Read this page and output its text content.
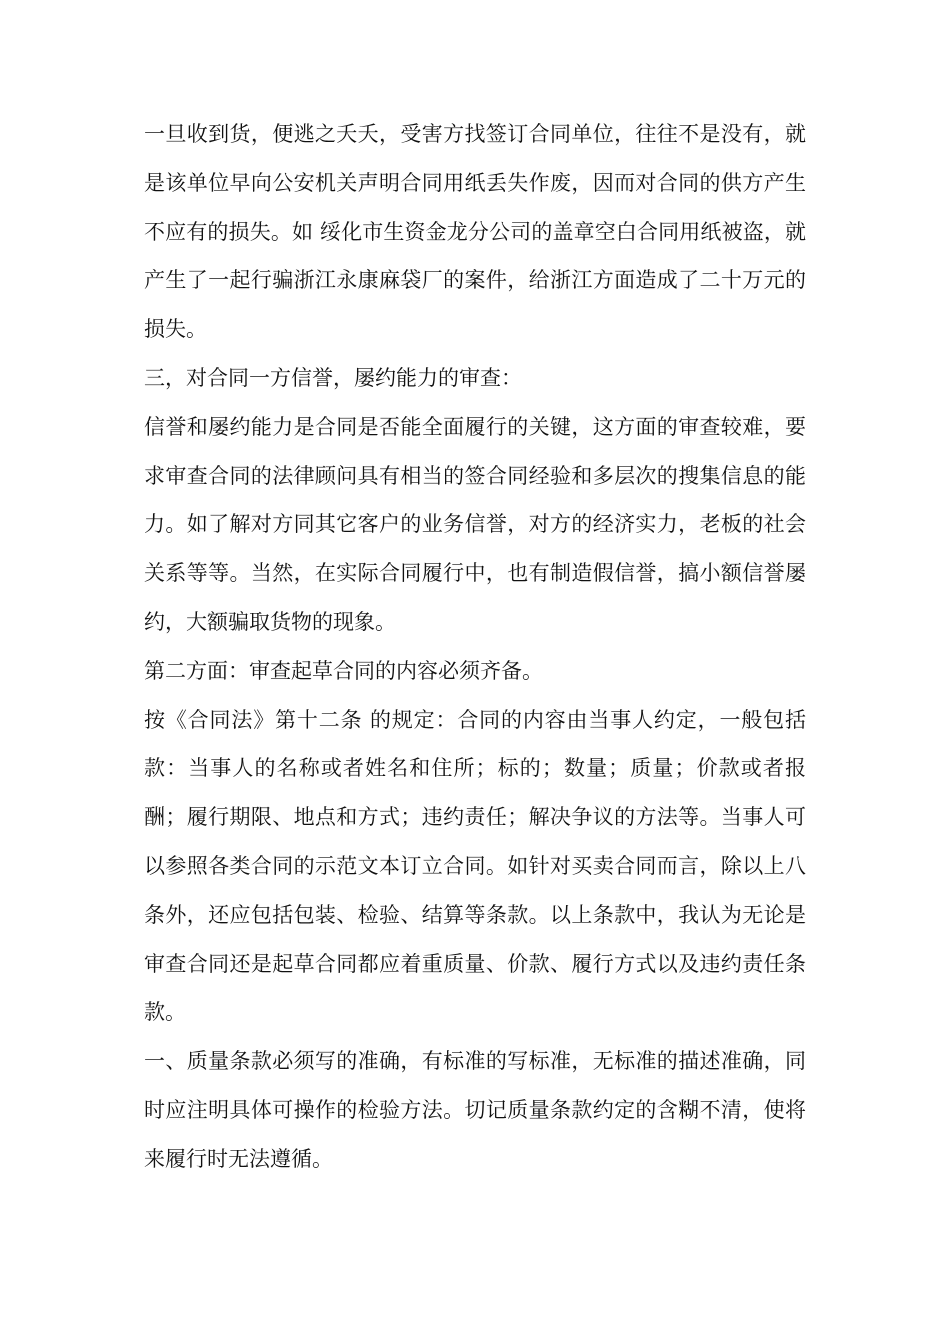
一旦收到货，便逃之夭夭，受害方找签订合同单位，往往不是没有，就是该单位早向公安机关声明合同用纸丢失作废，因而对合同的供方产生不应有的损失。如 绥化市生资金龙分公司的盖章空白合同用纸被盗，就产生了一起行骗浙江永康麻袋厂的案件，给浙江方面造成了二十万元的损失。

三，对合同一方信誉，屡约能力的审查：

信誉和屡约能力是合同是否能全面履行的关键，这方面的审查较难，要求审查合同的法律顾问具有相当的签合同经验和多层次的搜集信息的能力。如了解对方同其它客户的业务信誉，对方的经济实力，老板的社会关系等等。当然，在实际合同履行中，也有制造假信誉，搞小额信誉屡约，大额骗取货物的现象。

第二方面：审查起草合同的内容必须齐备。

按《合同法》第十二条 的规定：合同的内容由当事人约定，一般包括款：当事人的名称或者姓名和住所；标的；数量；质量；价款或者报酬；履行期限、地点和方式；违约责任；解决争议的方法等。当事人可以参照各类合同的示范文本订立合同。如针对买卖合同而言，除以上八条外，还应包括包装、检验、结算等条款。以上条款中，我认为无论是审查合同还是起草合同都应着重质量、价款、履行方式以及违约责任条款。

一、质量条款必须写的准确，有标准的写标准，无标准的描述准确，同时应注明具体可操作的检验方法。切记质量条款约定的含糊不清，使将来履行时无法遵循。
